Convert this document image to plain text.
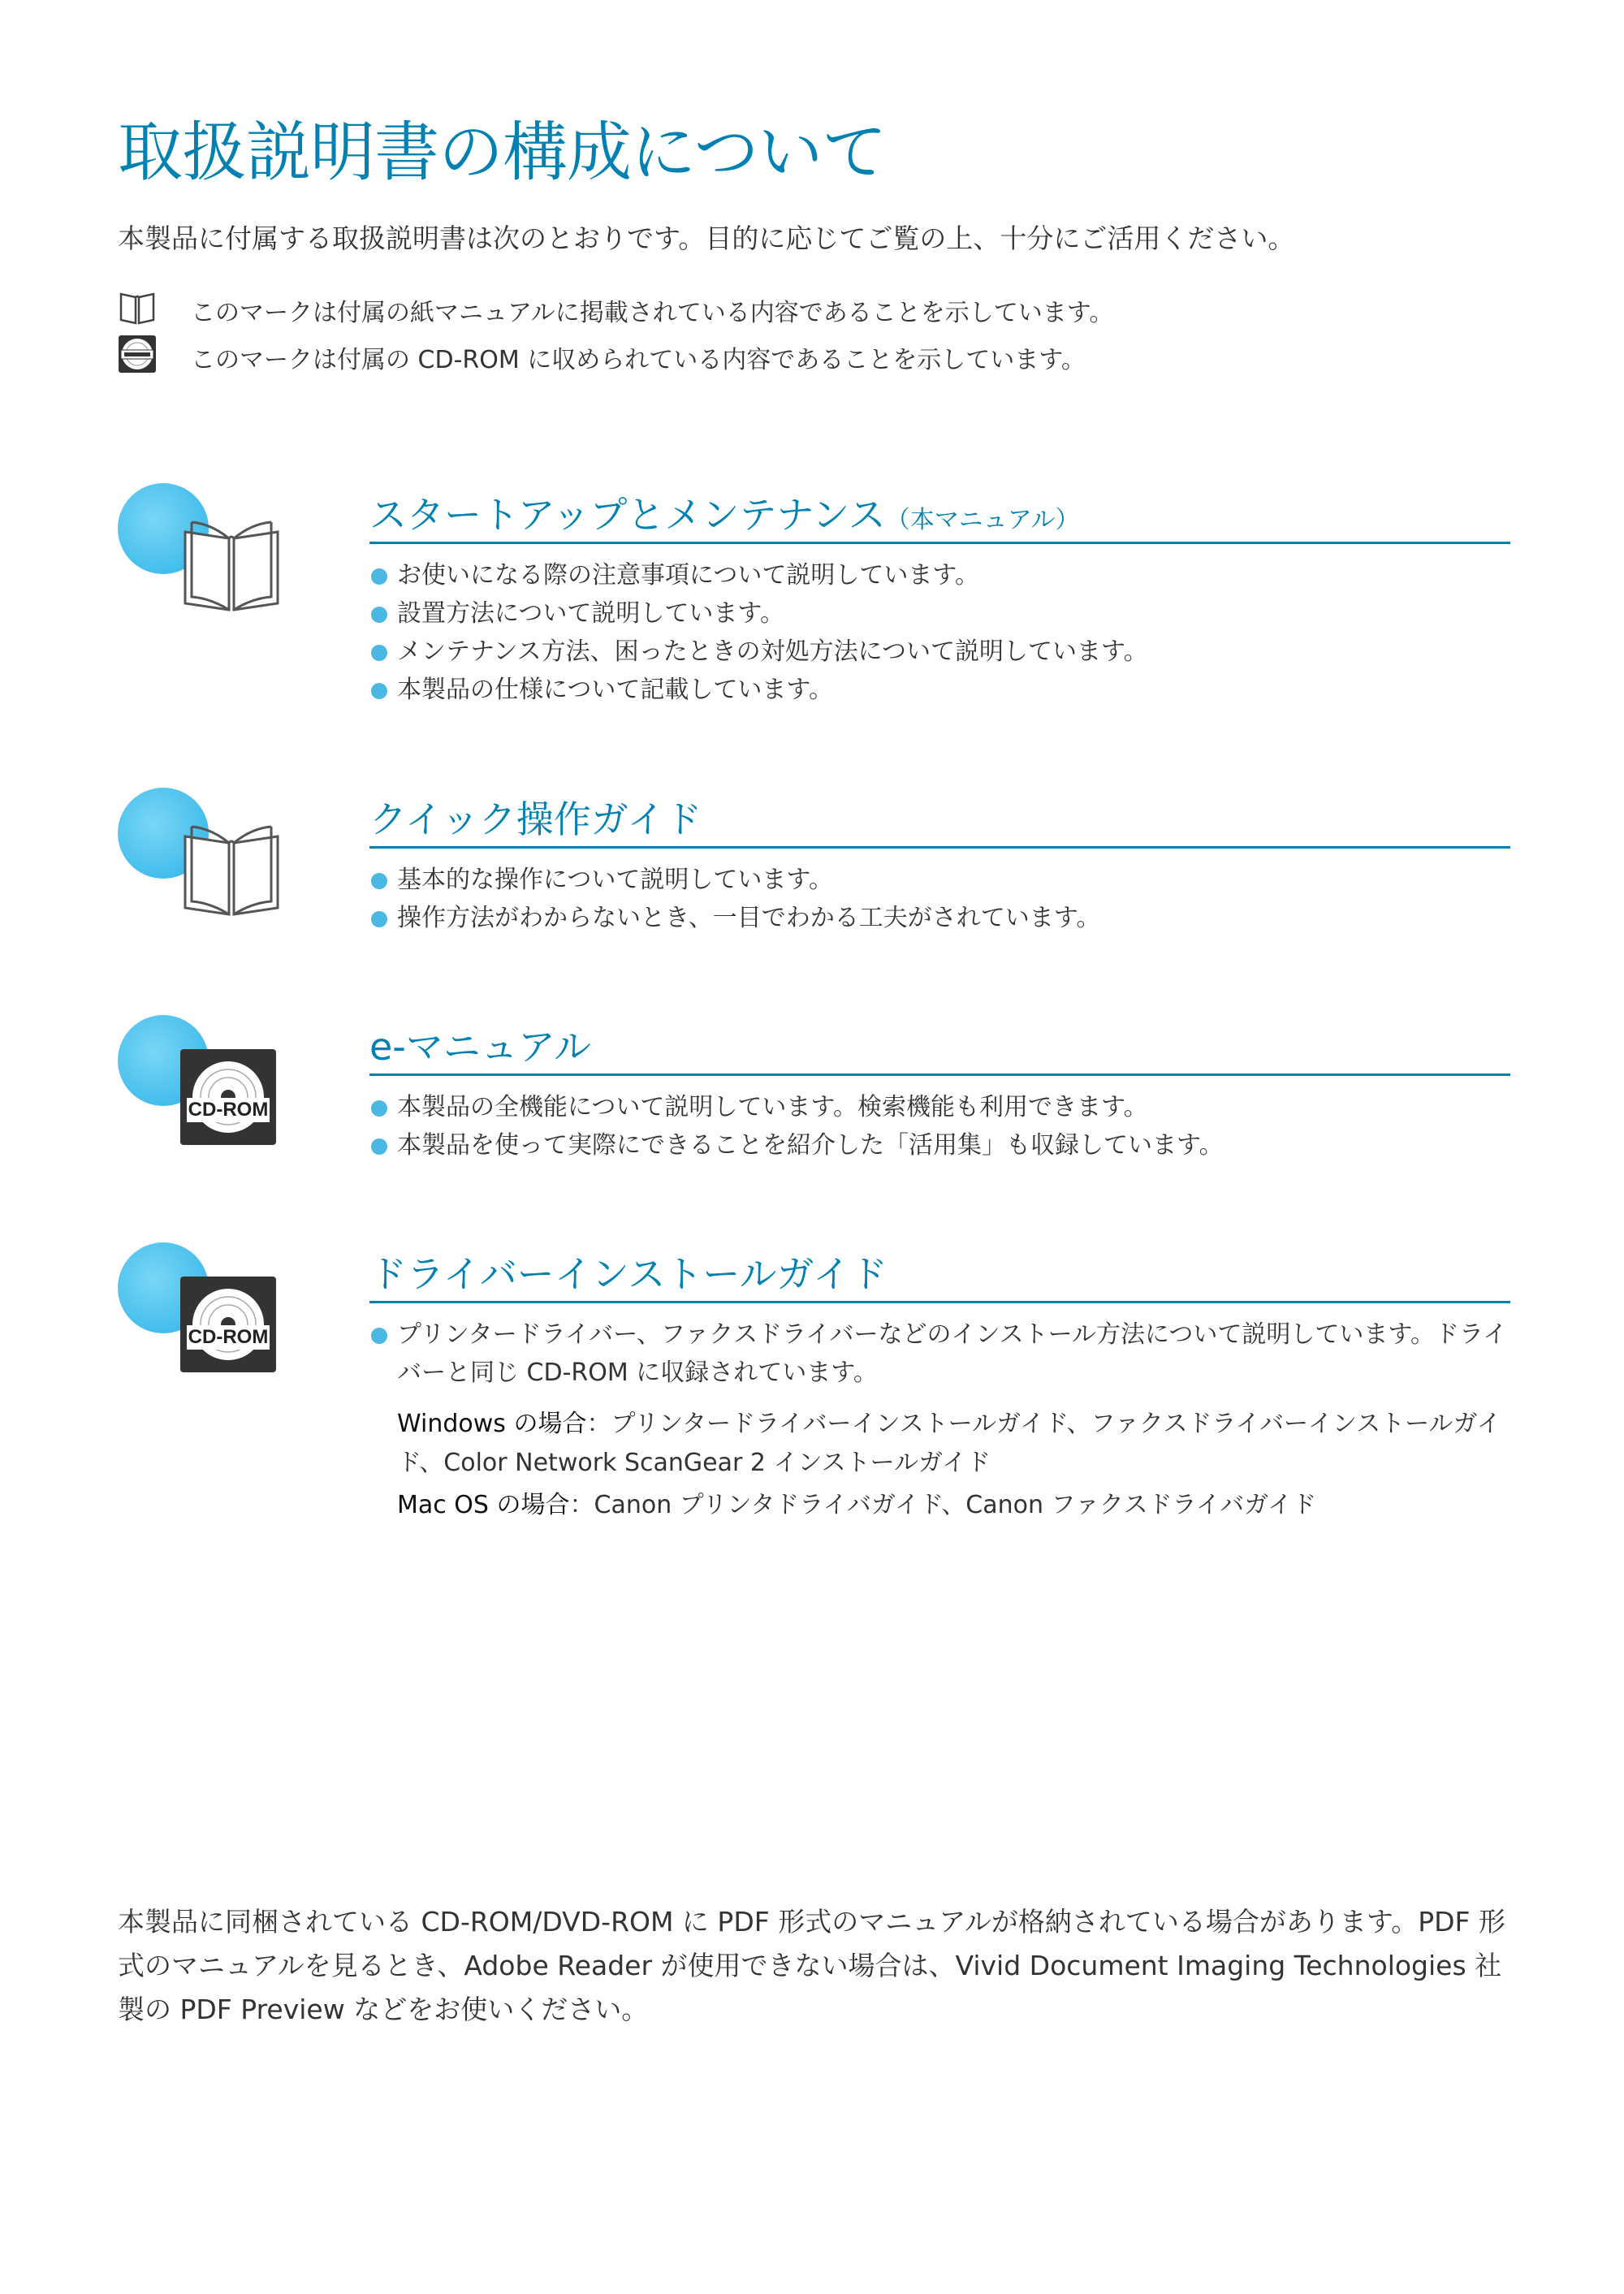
取扱説明書の構成について
本製品に付属する取扱説明書は次のとおりです。目的に応じてご覧の上、十分にご活用ください。
このマークは付属の紙マニュアルに掲載されている内容であることを示しています。
このマークは付属の CD-ROM に収められている内容であることを示しています。
スタートアップとメンテナンス（本マニュアル）
お使いになる際の注意事項について説明しています。
設置方法について説明しています。
メンテナンス方法、困ったときの対処方法について説明しています。
本製品の仕様について記載しています。
クイック操作ガイド
基本的な操作について説明しています。
操作方法がわからないとき、一目でわかる工夫がされています。
CD-ROM
e-マニュアル
本製品の全機能について説明しています。検索機能も利用できます。
本製品を使って実際にできることを紹介した「活用集」も収録しています。
CD-ROM
ドライバーインストールガイド
プリンタードライバー、ファクスドライバーなどのインストール方法について説明しています。ドライバーと同じ CD-ROM に収録されています。
Windows の場合：プリンタードライバーインストールガイド、ファクスドライバーインストールガイド、Color Network ScanGear 2 インストールガイド
Mac OS の場合：Canon プリンタドライバガイド、Canon ファクスドライバガイド
本製品に同梱されている CD-ROM/DVD-ROM に PDF 形式のマニュアルが格納されている場合があります。PDF 形式のマニュアルを見るとき、Adobe Reader が使用できない場合は、Vivid Document Imaging Technologies 社製の PDF Preview などをお使いください。
